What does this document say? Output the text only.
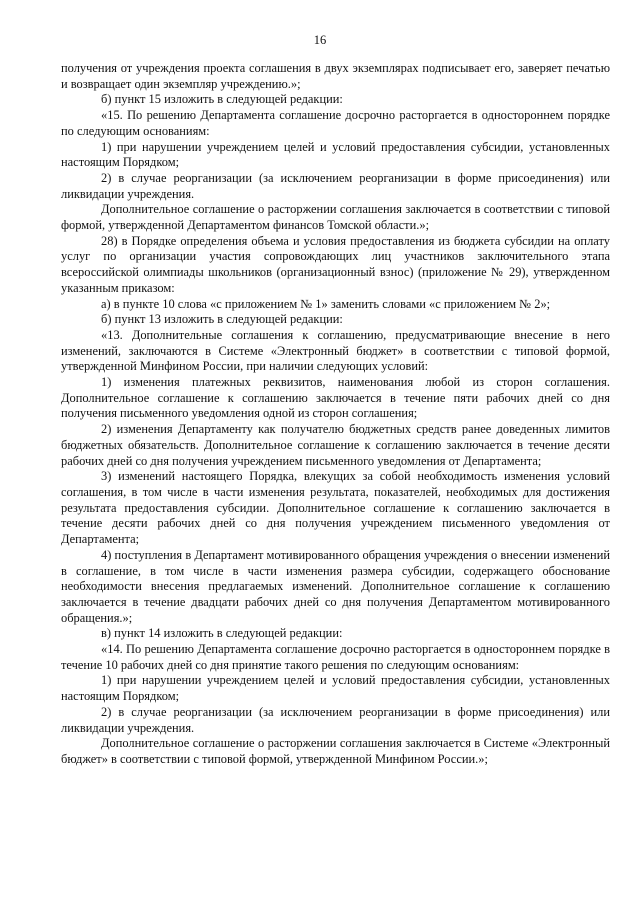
16

получения от учреждения проекта соглашения в двух экземплярах подписывает его, заверяет печатью и возвращает один экземпляр учреждению.»;

б) пункт 15 изложить в следующей редакции:

«15. По решению Департамента соглашение досрочно расторгается в одностороннем порядке по следующим основаниям:

1) при нарушении учреждением целей и условий предоставления субсидии, установленных настоящим Порядком;

2) в случае реорганизации (за исключением реорганизации в форме присоединения) или ликвидации учреждения.

Дополнительное соглашение о расторжении соглашения заключается в соответствии с типовой формой, утвержденной Департаментом финансов Томской области.»;

28) в Порядке определения объема и условия предоставления из бюджета субсидии на оплату услуг по организации участия сопровождающих лиц участников заключительного этапа всероссийской олимпиады школьников (организационный взнос) (приложение № 29), утвержденном указанным приказом:

а) в пункте 10 слова «с приложением № 1» заменить словами «с приложением № 2»;

б) пункт 13 изложить в следующей редакции:

«13. Дополнительные соглашения к соглашению, предусматривающие внесение в него изменений, заключаются в Системе «Электронный бюджет» в соответствии с типовой формой, утвержденной Минфином России, при наличии следующих условий:

1) изменения платежных реквизитов, наименования любой из сторон соглашения. Дополнительное соглашение к соглашению заключается в течение пяти рабочих дней со дня получения письменного уведомления одной из сторон соглашения;

2) изменения Департаменту как получателю бюджетных средств ранее доведенных лимитов бюджетных обязательств. Дополнительное соглашение к соглашению заключается в течение десяти рабочих дней со дня получения учреждением письменного уведомления от Департамента;

3) изменений настоящего Порядка, влекущих за собой необходимость изменения условий соглашения, в том числе в части изменения результата, показателей, необходимых для достижения результата предоставления субсидии. Дополнительное соглашение к соглашению заключается в течение десяти рабочих дней со дня получения учреждением письменного уведомления от Департамента;

4) поступления в Департамент мотивированного обращения учреждения о внесении изменений в соглашение, в том числе в части изменения размера субсидии, содержащего обоснование необходимости внесения предлагаемых изменений. Дополнительное соглашение к соглашению заключается в течение двадцати рабочих дней со дня получения Департаментом мотивированного обращения.»;

в) пункт 14 изложить в следующей редакции:

«14. По решению Департамента соглашение досрочно расторгается в одностороннем порядке в течение 10 рабочих дней со дня принятие такого решения по следующим основаниям:

1) при нарушении учреждением целей и условий предоставления субсидии, установленных настоящим Порядком;

2) в случае реорганизации (за исключением реорганизации в форме присоединения) или ликвидации учреждения.

Дополнительное соглашение о расторжении соглашения заключается в Системе «Электронный бюджет» в соответствии с типовой формой, утвержденной Минфином России.»;
